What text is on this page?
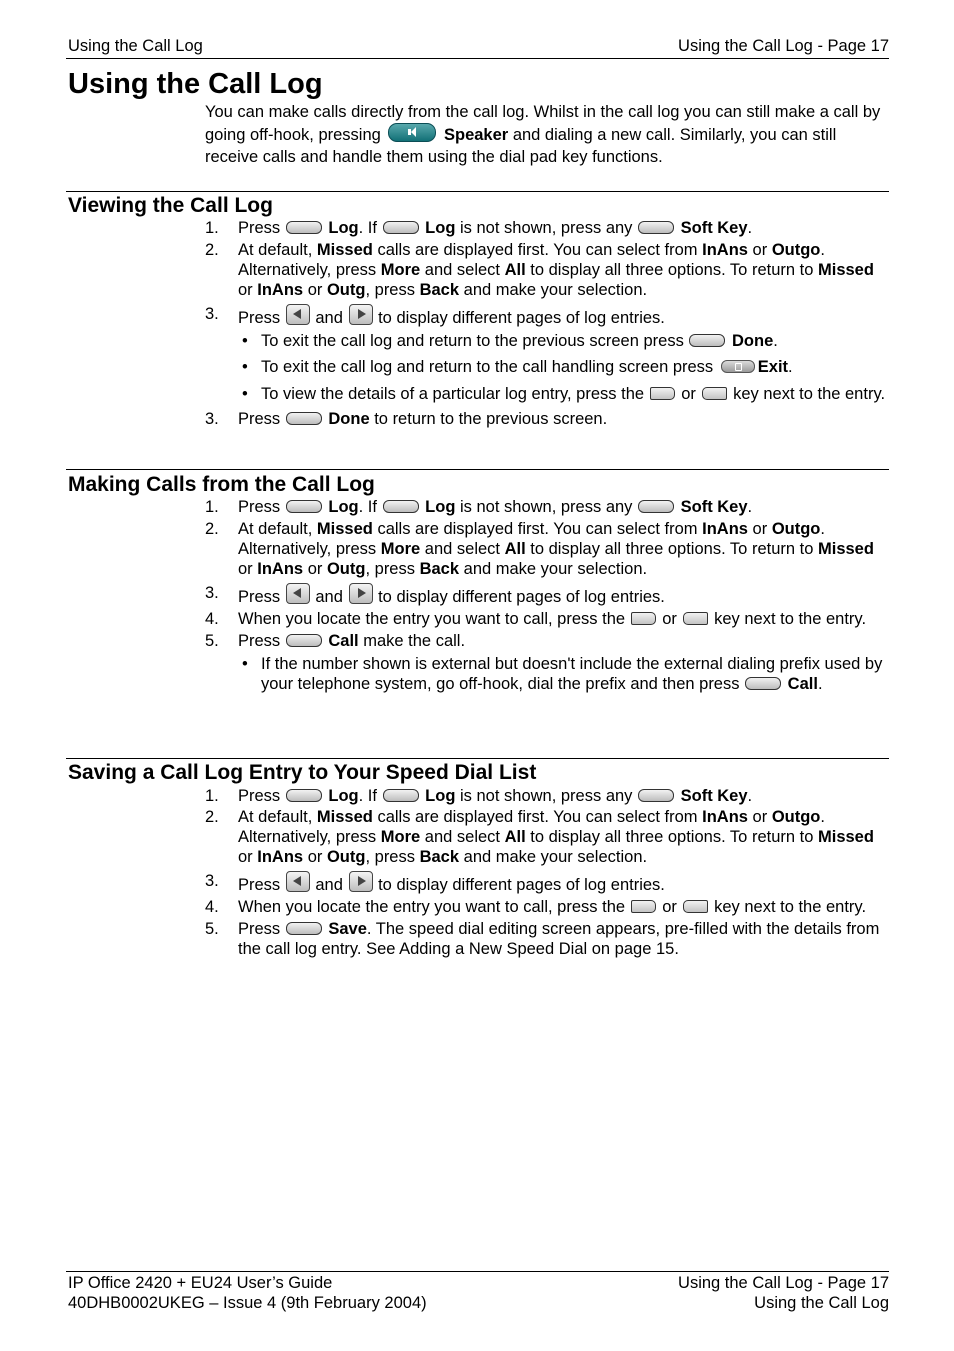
Using the Call Log	Using the Call Log - Page 17
Using the Call Log
You can make calls directly from the call log. Whilst in the call log you can still make a call by going off-hook, pressing	Speaker and dialing a new call. Similarly, you can still receive calls and handle them using the dial pad key functions.
Viewing the Call Log
1. Press	Log. If	Log is not shown, press any	Soft Key.
2. At default, Missed calls are displayed first. You can select from InAns or Outgo. Alternatively, press More and select All to display all three options. To return to Missed or InAns or Outg, press Back and make your selection.
3. Press and to display different pages of log entries.
• To exit the call log and return to the previous screen press	Done.
• To exit the call log and return to the call handling screen press	Exit.
• To view the details of a particular log entry, press the or key next to the entry.
3. Press	Done to return to the previous screen.
Making Calls from the Call Log
1. Press	Log. If	Log is not shown, press any	Soft Key.
2. At default, Missed calls are displayed first. You can select from InAns or Outgo. Alternatively, press More and select All to display all three options. To return to Missed or InAns or Outg, press Back and make your selection.
3. Press and to display different pages of log entries.
4. When you locate the entry you want to call, press the or key next to the entry.
5. Press	Call make the call.
• If the number shown is external but doesn't include the external dialing prefix used by your telephone system, go off-hook, dial the prefix and then press	Call.
Saving a Call Log Entry to Your Speed Dial List
1. Press	Log. If	Log is not shown, press any	Soft Key.
2. At default, Missed calls are displayed first. You can select from InAns or Outgo. Alternatively, press More and select All to display all three options. To return to Missed or InAns or Outg, press Back and make your selection.
3. Press and to display different pages of log entries.
4. When you locate the entry you want to call, press the or key next to the entry.
5. Press	Save. The speed dial editing screen appears, pre-filled with the details from the call log entry. See Adding a New Speed Dial on page 15.
IP Office 2420 + EU24 User’s Guide	Using the Call Log - Page 17
40DHB0002UKEG – Issue 4 (9th February 2004)	Using the Call Log
